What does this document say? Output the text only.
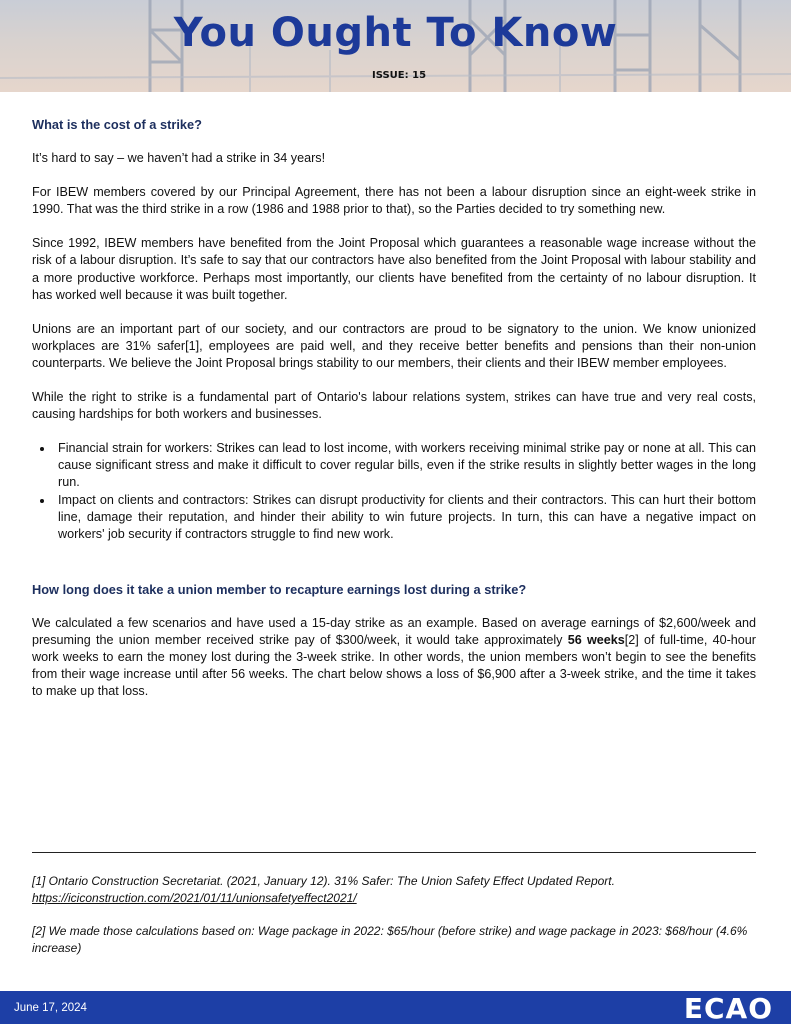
You Ought To Know
ISSUE: 15
What is the cost of a strike?

It’s hard to say – we haven’t had a strike in 34 years!

For IBEW members covered by our Principal Agreement, there has not been a labour disruption since an eight-week strike in 1990. That was the third strike in a row (1986 and 1988 prior to that), so the Parties decided to try something new.

Since 1992, IBEW members have benefited from the Joint Proposal which guarantees a reasonable wage increase without the risk of a labour disruption. It’s safe to say that our contractors have also benefited from the Joint Proposal with labour stability and a more productive workforce. Perhaps most importantly, our clients have benefited from the certainty of no labour disruption. It has worked well because it was built together.

Unions are an important part of our society, and our contractors are proud to be signatory to the union. We know unionized workplaces are 31% safer[1], employees are paid well, and they receive better benefits and pensions than their non-union counterparts. We believe the Joint Proposal brings stability to our members, their clients and their IBEW member employees.

While the right to strike is a fundamental part of Ontario's labour relations system, strikes can have true and very real costs, causing hardships for both workers and businesses.

• Financial strain for workers: Strikes can lead to lost income, with workers receiving minimal strike pay or none at all. This can cause significant stress and make it difficult to cover regular bills, even if the strike results in slightly better wages in the long run.
• Impact on clients and contractors: Strikes can disrupt productivity for clients and their contractors. This can hurt their bottom line, damage their reputation, and hinder their ability to win future projects. In turn, this can have a negative impact on workers' job security if contractors struggle to find new work.
How long does it take a union member to recapture earnings lost during a strike?

We calculated a few scenarios and have used a 15-day strike as an example. Based on average earnings of $2,600/week and presuming the union member received strike pay of $300/week, it would take approximately 56 weeks[2] of full-time, 40-hour work weeks to earn the money lost during the 3-week strike. In other words, the union members won’t begin to see the benefits from their wage increase until after 56 weeks. The chart below shows a loss of $6,900 after a 3-week strike, and the time it takes to make up that loss.

[1] Ontario Construction Secretariat. (2021, January 12). 31% Safer: The Union Safety Effect Updated Report.
https://iciconstruction.com/2021/01/11/unionsafetyeffect2021/

[2] We made those calculations based on: Wage package in 2022: $65/hour (before strike) and wage package in 2023: $68/hour (4.6% increase)

June 17, 2024	ECAO
